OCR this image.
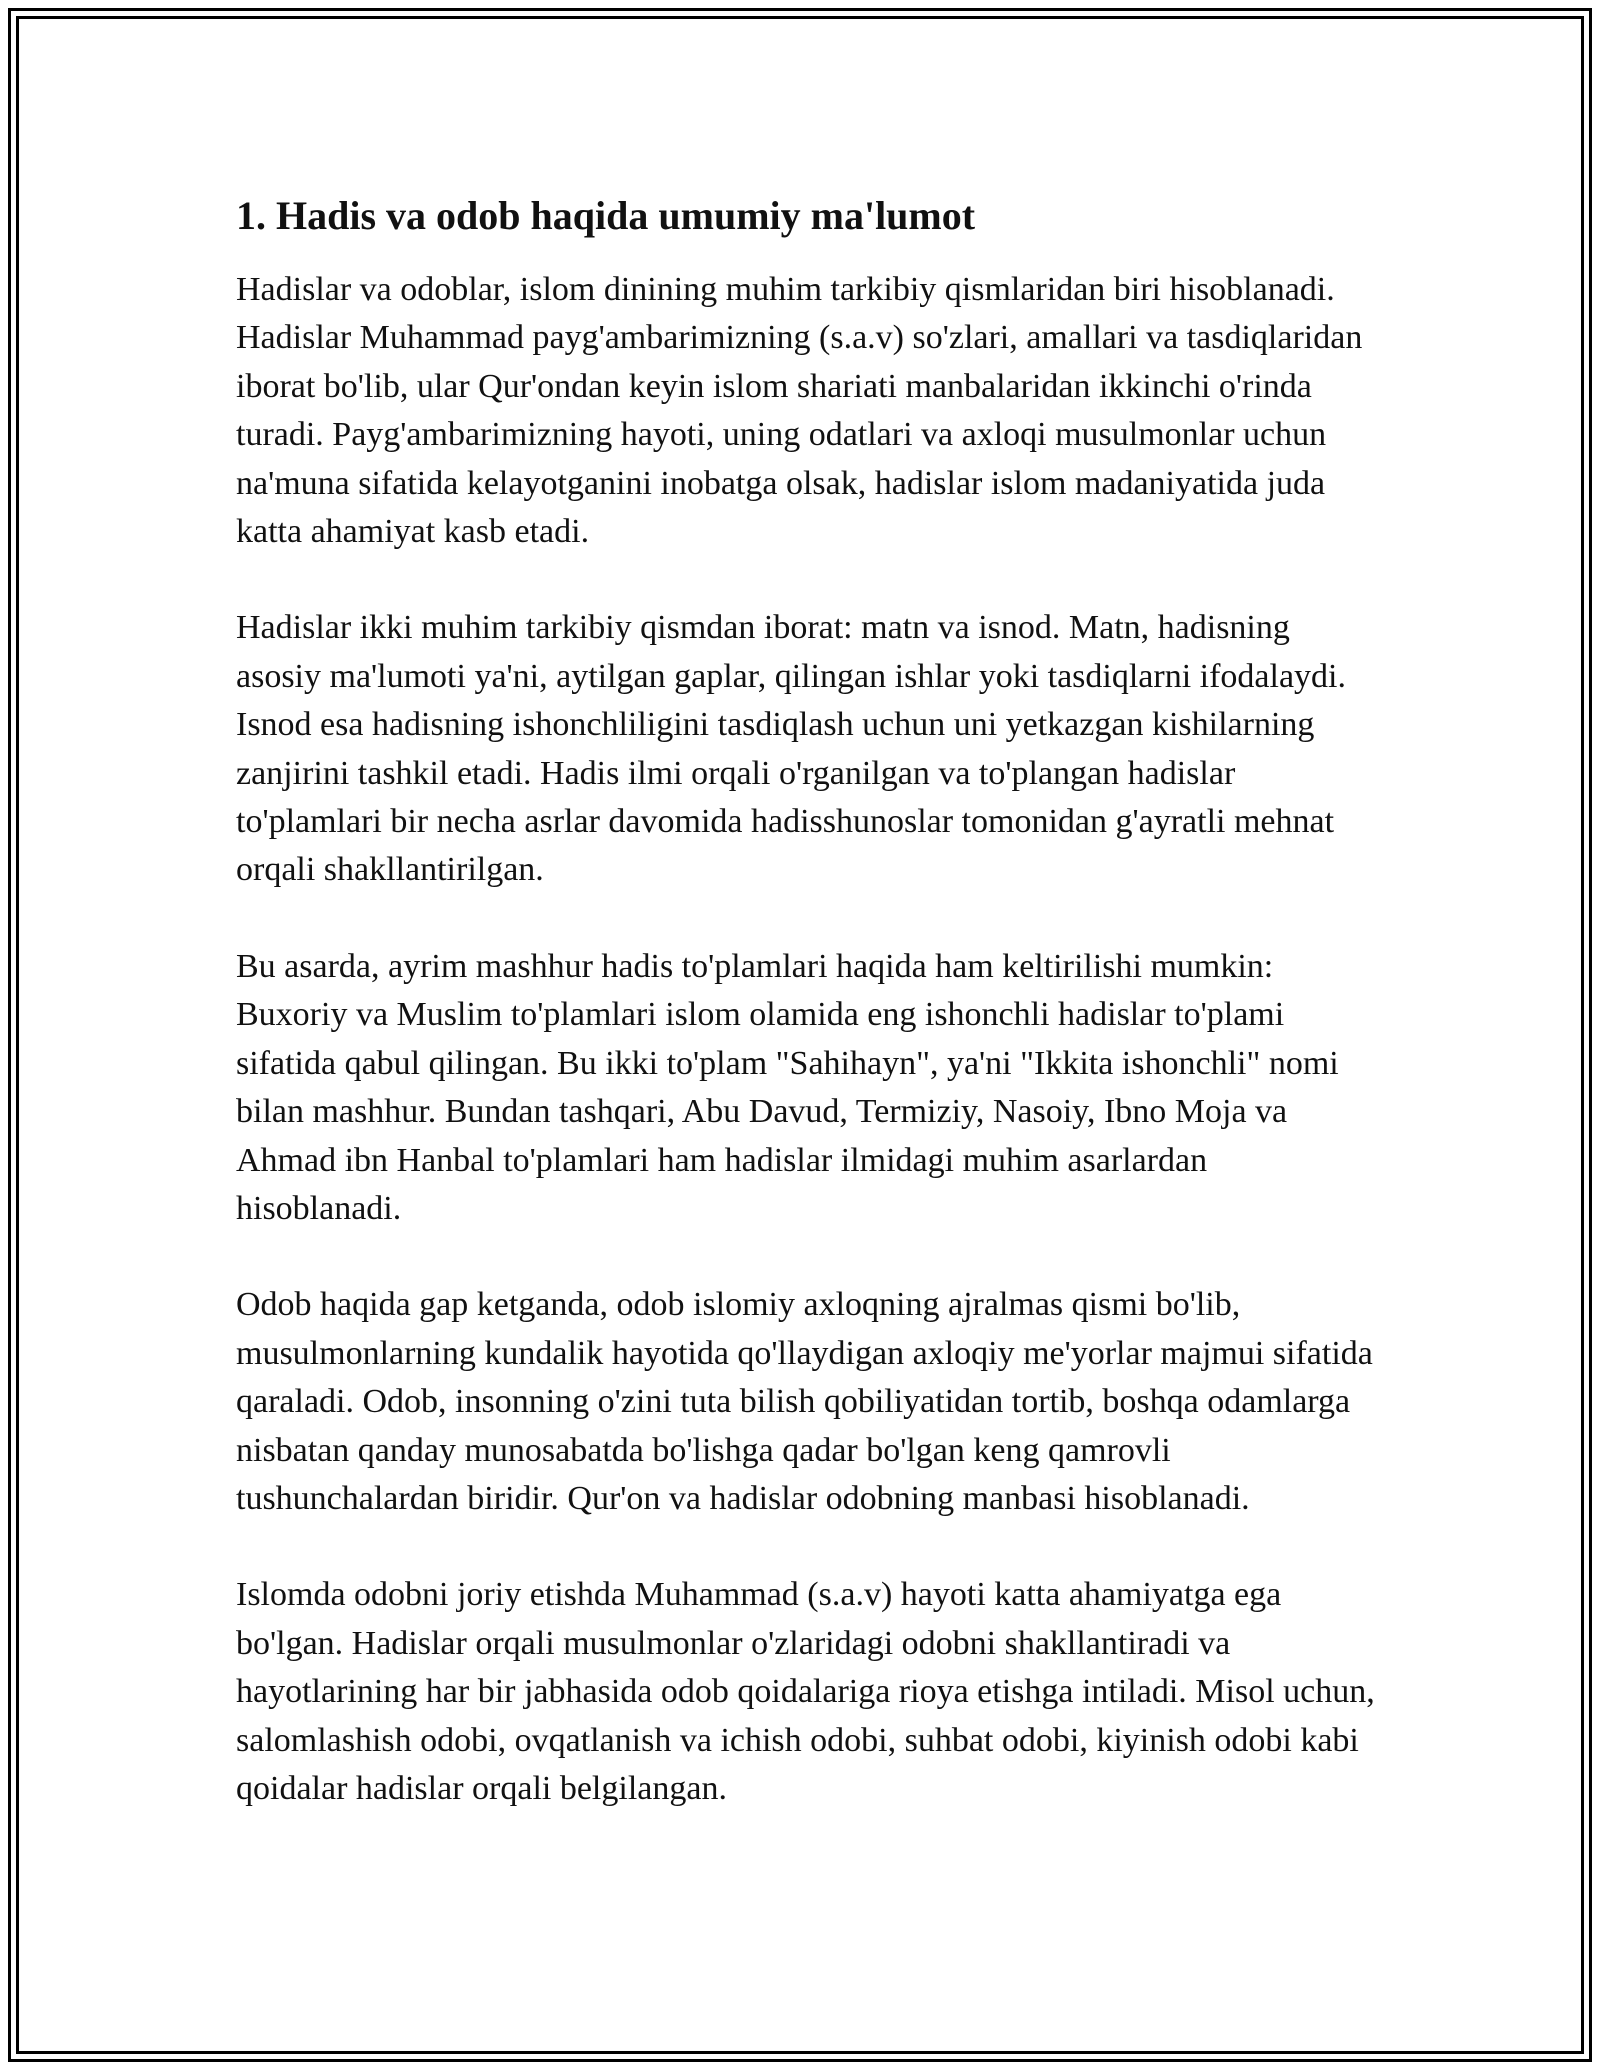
1. Hadis va odob haqida umumiy ma'lumot

Hadislar va odoblar, islom dinining muhim tarkibiy qismlaridan biri hisoblanadi. Hadislar Muhammad payg'ambarimizning (s.a.v) so'zlari, amallari va tasdiqlaridan iborat bo'lib, ular Qur'ondan keyin islom shariati manbalaridan ikkinchi o'rinda turadi. Payg'ambarimizning hayoti, uning odatlari va axloqi musulmonlar uchun na'muna sifatida kelayotganini inobatga olsak, hadislar islom madaniyatida juda katta ahamiyat kasb etadi.

Hadislar ikki muhim tarkibiy qismdan iborat: matn va isnod. Matn, hadisning asosiy ma'lumoti ya'ni, aytilgan gaplar, qilingan ishlar yoki tasdiqlarni ifodalaydi. Isnod esa hadisning ishonchliligini tasdiqlash uchun uni yetkazgan kishilarning zanjirini tashkil etadi. Hadis ilmi orqali o'rganilgan va to'plangan hadislar to'plamlari bir necha asrlar davomida hadisshunoslar tomonidan g'ayratli mehnat orqali shakllantirilgan.

Bu asarda, ayrim mashhur hadis to'plamlari haqida ham keltirilishi mumkin: Buxoriy va Muslim to'plamlari islom olamida eng ishonchli hadislar to'plami sifatida qabul qilingan. Bu ikki to'plam "Sahihayn", ya'ni "Ikkita ishonchli" nomi bilan mashhur. Bundan tashqari, Abu Davud, Termiziy, Nasoiy, Ibno Moja va Ahmad ibn Hanbal to'plamlari ham hadislar ilmidagi muhim asarlardan hisoblanadi.

Odob haqida gap ketganda, odob islomiy axloqning ajralmas qismi bo'lib, musulmonlarning kundalik hayotida qo'llaydigan axloqiy me'yorlar majmui sifatida qaraladi. Odob, insonning o'zini tuta bilish qobiliyatidan tortib, boshqa odamlarga nisbatan qanday munosabatda bo'lishga qadar bo'lgan keng qamrovli tushunchalardan biridir. Qur'on va hadislar odobning manbasi hisoblanadi.

Islomda odobni joriy etishda Muhammad (s.a.v) hayoti katta ahamiyatga ega bo'lgan. Hadislar orqali musulmonlar o'zlaridagi odobni shakllantiradi va hayotlarining har bir jabhasida odob qoidalariga rioya etishga intiladi. Misol uchun, salomlashish odobi, ovqatlanish va ichish odobi, suhbat odobi, kiyinish odobi kabi qoidalar hadislar orqali belgilangan.
